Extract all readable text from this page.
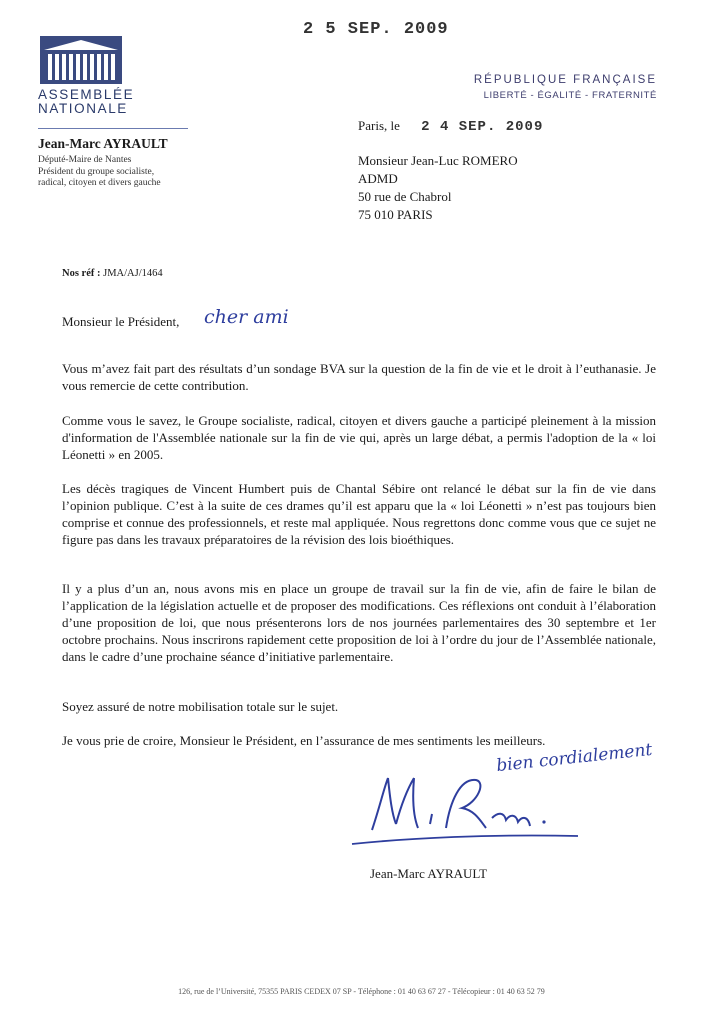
2 5 SEP. 2009
ASSEMBLÉE
NATIONALE
Jean-Marc AYRAULT
Député-Maire de Nantes
Président du groupe socialiste,
radical, citoyen et divers gauche
RÉPUBLIQUE FRANÇAISE
LIBERTÉ - ÉGALITÉ - FRATERNITÉ
Paris, le 2 4 SEP. 2009
Monsieur Jean-Luc ROMERO
ADMD
50 rue de Chabrol
75 010 PARIS
Nos réf : JMA/AJ/1464
Monsieur le Président, cher ami
Vous m’avez fait part des résultats d’un sondage BVA sur la question de la fin de vie et le droit à l’euthanasie. Je vous remercie de cette contribution.
Comme vous le savez, le Groupe socialiste, radical, citoyen et divers gauche a participé pleinement à la mission d'information de l'Assemblée nationale sur la fin de vie qui, après un large débat, a permis l'adoption de la « loi Léonetti » en 2005.
Les décès tragiques de Vincent Humbert puis de Chantal Sébire ont relancé le débat sur la fin de vie dans l’opinion publique. C’est à la suite de ces drames qu’il est apparu que la « loi Léonetti » n’est pas toujours bien comprise et connue des professionnels, et reste mal appliquée. Nous regrettons donc comme vous que ce sujet ne figure pas dans les travaux préparatoires de la révision des lois bioéthiques.
Il y a plus d’un an, nous avons mis en place un groupe de travail sur la fin de vie, afin de faire le bilan de l’application de la législation actuelle et de proposer des modifications. Ces réflexions ont conduit à l’élaboration d’une proposition de loi, que nous présenterons lors de nos journées parlementaires des 30 septembre et 1er octobre prochains. Nous inscrirons rapidement cette proposition de loi à l’ordre du jour de l’Assemblée nationale, dans le cadre d’une prochaine séance d’initiative parlementaire.
Soyez assuré de notre mobilisation totale sur le sujet.
Je vous prie de croire, Monsieur le Président, en l’assurance de mes sentiments les meilleurs.
bien cordialement
Jean-Marc AYRAULT
126, rue de l’Université, 75355 PARIS CEDEX 07 SP - Téléphone : 01 40 63 67 27 - Télécopieur : 01 40 63 52 79
